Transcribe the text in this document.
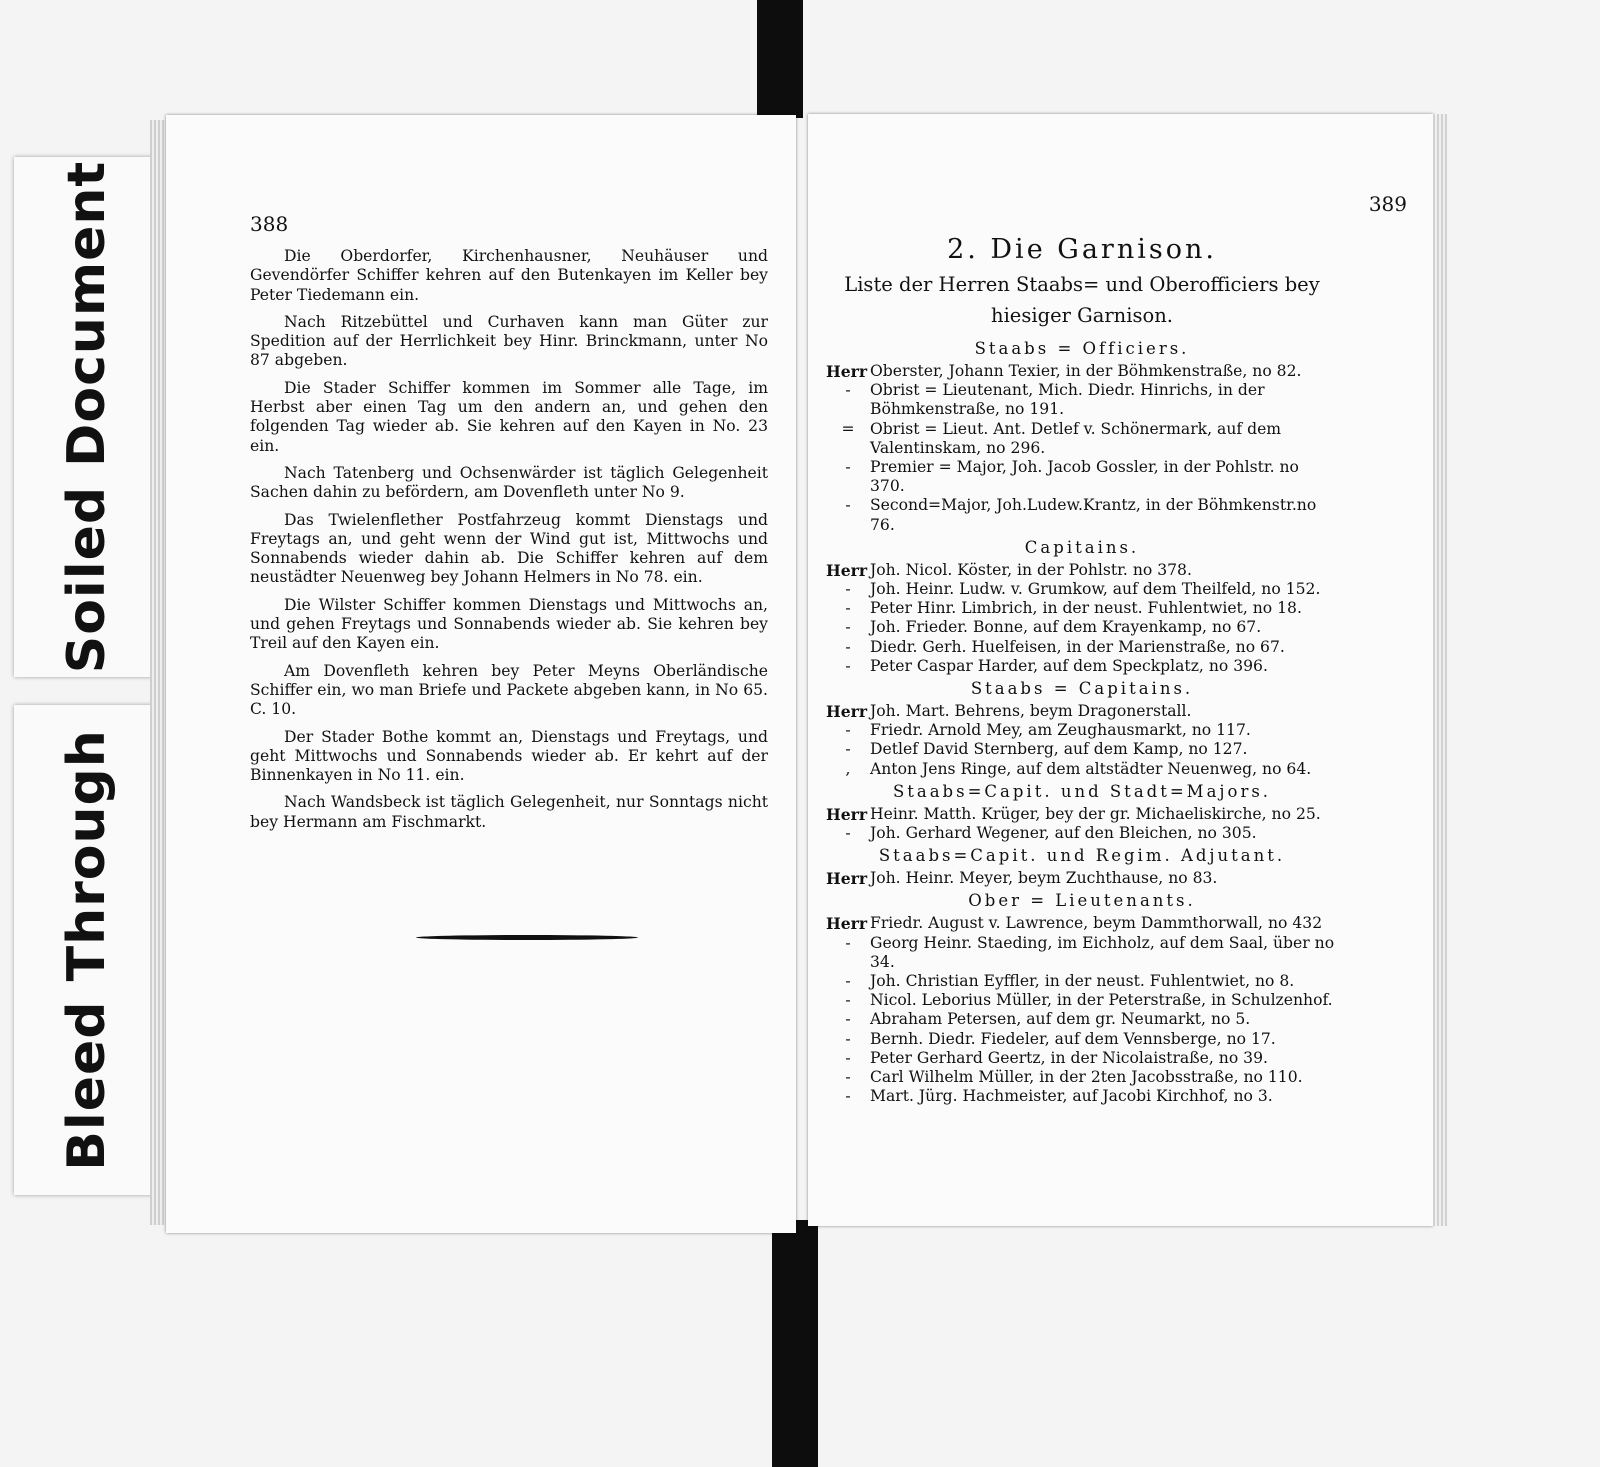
Soiled Document
Bleed Through
388

Die Oberdorfer, Kirchenhausner, Neuhäuser und Gevendörfer Schiffer kehren auf den Butenkayen im Keller bey Peter Tiedemann ein.

Nach Ritzebüttel und Curhaven kann man Güter zur Spedition auf der Herrlichkeit bey Hinr. Brinckmann, unter No 87 abgeben.

Die Stader Schiffer kommen im Sommer alle Tage, im Herbst aber einen Tag um den andern an, und gehen den folgenden Tag wieder ab. Sie kehren auf den Kayen in No. 23 ein.

Nach Tatenberg und Ochsenwärder ist täglich Gelegenheit Sachen dahin zu befördern, am Dovenfleth unter No 9.

Das Twielenflether Postfahrzeug kommt Dienstags und Freytags an, und geht wenn der Wind gut ist, Mittwochs und Sonnabends wieder dahin ab. Die Schiffer kehren auf dem neustädter Neuenweg bey Johann Helmers in No 78. ein.

Die Wilster Schiffer kommen Dienstags und Mittwochs an, und gehen Freytags und Sonnabends wieder ab. Sie kehren bey Treil auf den Kayen ein.

Am Dovenfleth kehren bey Peter Meyns Oberländische Schiffer ein, wo man Briefe und Packete abgeben kann, in No 65. C. 10.

Der Stader Bothe kommt an, Dienstags und Freytags, und geht Mittwochs und Sonnabends wieder ab. Er kehrt auf der Binnenkayen in No 11. ein.

Nach Wandsbeck ist täglich Gelegenheit, nur Sonntags nicht bey Hermann am Fischmarkt.

389
2. Die Garnison.
Liste der Herren Staabs= und Oberofficiers bey
hiesiger Garnison.
Staabs = Officiers.
Herr Oberster, Johann Texier, in der Böhmkenstraße, no 82.
-	Obrist = Lieutenant, Mich. Diedr. Hinrichs, in der Böhmkenstraße, no 191.
= Obrist = Lieut. Ant. Detlef v. Schönermark, auf dem Valentinskam, no 296.
-	Premier = Major, Joh. Jacob Gossler, in der Pohlstr. no 370.
-	Second=Major, Joh.Ludew.Krantz, in der Böhmkenstr.no 76.
Capitains.
Herr Joh. Nicol. Köster, in der Pohlstr. no 378.
-	Joh. Heinr. Ludw. v. Grumkow, auf dem Theilfeld, no 152.
-	Peter Hinr. Limbrich, in der neust. Fuhlentwiet, no 18.
-	Joh. Frieder. Bonne, auf dem Krayenkamp, no 67.
-	Diedr. Gerh. Huelfeisen, in der Marienstraße, no 67.
-	Peter Caspar Harder, auf dem Speckplatz, no 396.
Staabs = Capitains.
Herr Joh. Mart. Behrens, beym Dragonerstall.
-	Friedr. Arnold Mey, am Zeughausmarkt, no 117.
-	Detlef David Sternberg, auf dem Kamp, no 127.
,	Anton Jens Ringe, auf dem altstädter Neuenweg, no 64.
Staabs=Capit. und Stadt=Majors.
Herr Heinr. Matth. Krüger, bey der gr. Michaeliskirche, no 25.
-	Joh. Gerhard Wegener, auf den Bleichen, no 305.
Staabs=Capit. und Regim. Adjutant.
Herr Joh. Heinr. Meyer, beym Zuchthause, no 83.
Ober = Lieutenants.
Herr Friedr. August v. Lawrence, beym Dammthorwall, no 432
-	Georg Heinr. Staeding, im Eichholz, auf dem Saal, über no 34.
-	Joh. Christian Eyffler, in der neust. Fuhlentwiet, no 8.
-	Nicol. Leborius Müller, in der Peterstraße, in Schulzenhof.
-	Abraham Petersen, auf dem gr. Neumarkt, no 5.
-	Bernh. Diedr. Fiedeler, auf dem Vennsberge, no 17.
-	Peter Gerhard Geertz, in der Nicolaistraße, no 39.
-	Carl Wilhelm Müller, in der 2ten Jacobsstraße, no 110.
-	Mart. Jürg. Hachmeister, auf Jacobi Kirchhof, no 3.
